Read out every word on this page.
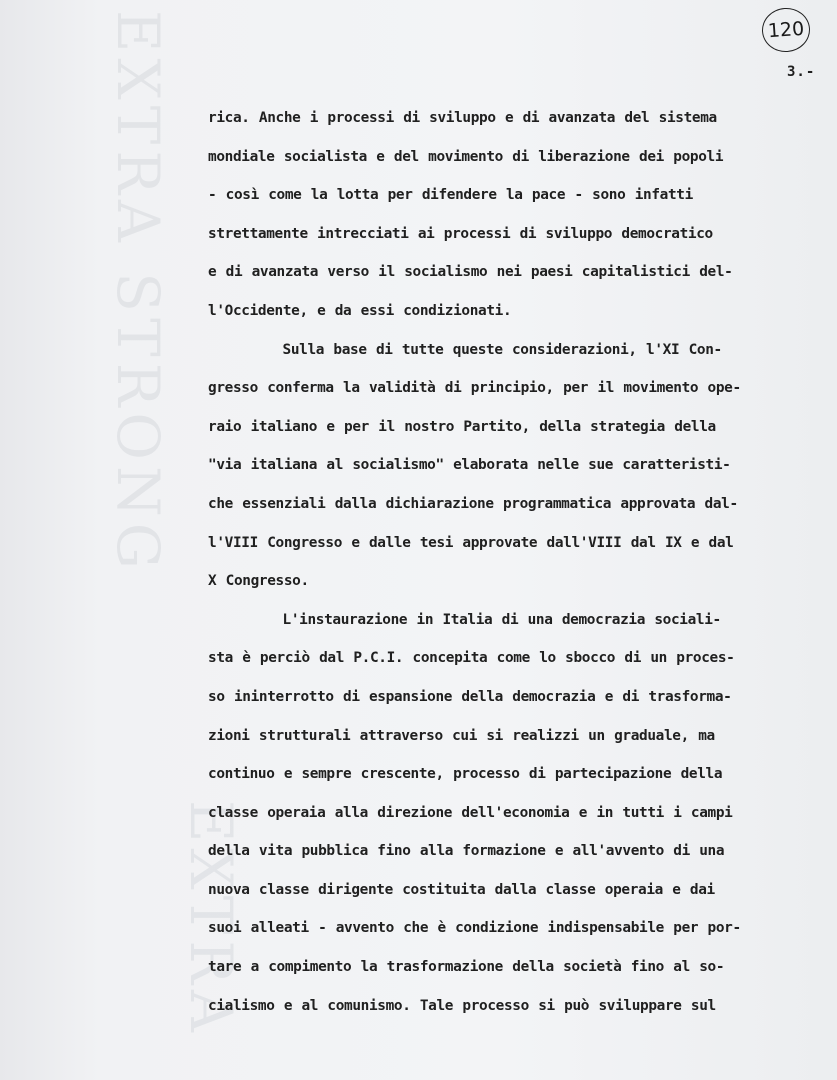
EXTRA STRONG
EXTRA
120
3.-
rica. Anche i processi di sviluppo e di avanzata del sistema
mondiale socialista e del movimento di liberazione dei popoli
- così come la lotta per difendere la pace - sono infatti
strettamente intrecciati ai processi di sviluppo democratico
e di avanzata verso il socialismo nei paesi capitalistici del-
l'Occidente, e da essi condizionati.
Sulla base di tutte queste considerazioni, l'XI Con-
gresso conferma la validità di principio, per il movimento ope-
raio italiano e per il nostro Partito, della strategia della
"via italiana al socialismo" elaborata nelle sue caratteristi-
che essenziali dalla dichiarazione programmatica approvata dal-
l'VIII Congresso e dalle tesi approvate dall'VIII dal IX e dal
X Congresso.
L'instaurazione in Italia di una democrazia sociali-
sta è perciò dal P.C.I. concepita come lo sbocco di un proces-
so ininterrotto di espansione della democrazia e di trasforma-
zioni strutturali attraverso cui si realizzi un graduale, ma
continuo e sempre crescente, processo di partecipazione della
classe operaia alla direzione dell'economia e in tutti i campi
della vita pubblica fino alla formazione e all'avvento di una
nuova classe dirigente costituita dalla classe operaia e dai
suoi alleati - avvento che è condizione indispensabile per por-
tare a compimento la trasformazione della società fino al so-
cialismo e al comunismo. Tale processo si può sviluppare sul
